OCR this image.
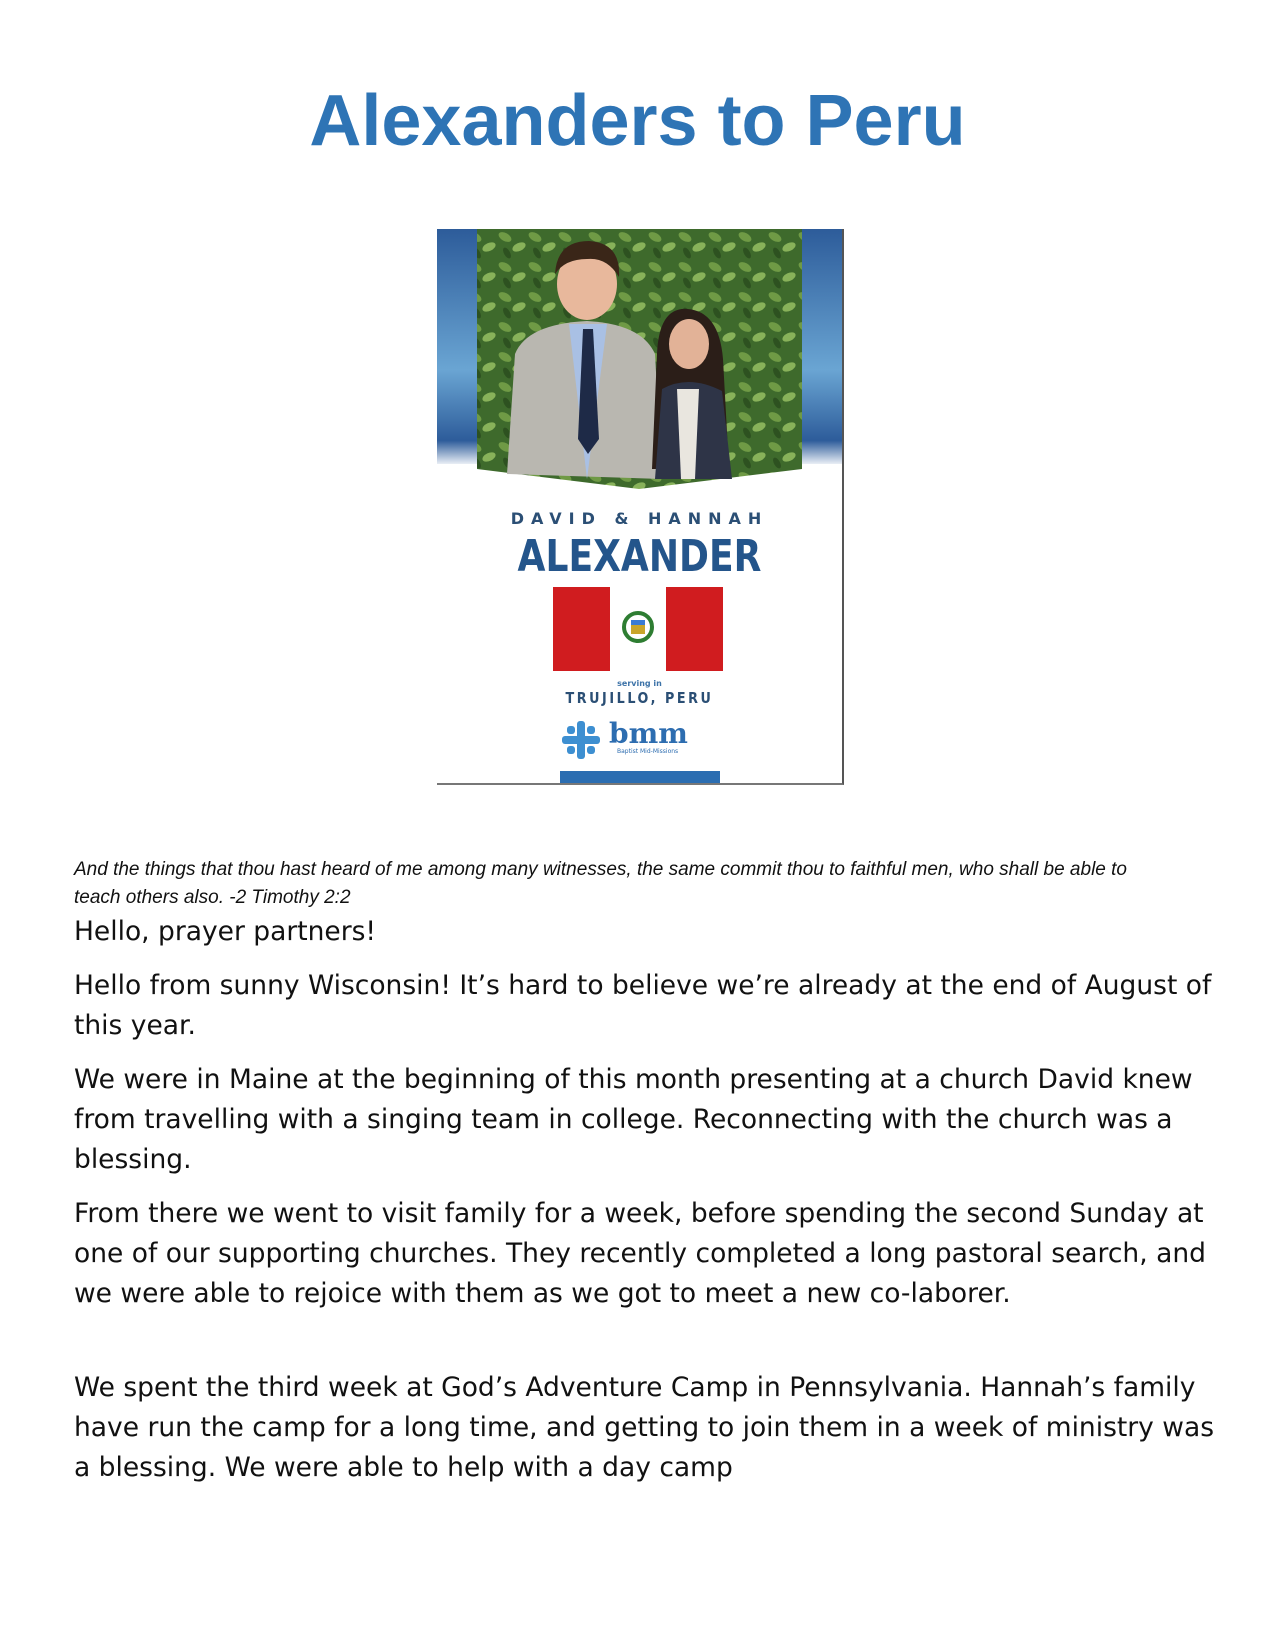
Alexanders to Peru
DAVID & HANNAH
ALEXANDER
serving in
TRUJILLO, PERU
bmm
Baptist Mid-Missions

And the things that thou hast heard of me among many witnesses, the same commit thou to faithful men, who shall be able to teach others also. -2 Timothy 2:2

Hello, prayer partners!

Hello from sunny Wisconsin! It’s hard to believe we’re already at the end of August of this year.

We were in Maine at the beginning of this month presenting at a church David knew from travelling with a singing team in college. Reconnecting with the church was a blessing.

From there we went to visit family for a week, before spending the second Sunday at one of our supporting churches. They recently completed a long pastoral search, and we were able to rejoice with them as we got to meet a new co-laborer.

We spent the third week at God’s Adventure Camp in Pennsylvania. Hannah’s family have run the camp for a long time, and getting to join them in a week of ministry was a blessing. We were able to help with a day camp
